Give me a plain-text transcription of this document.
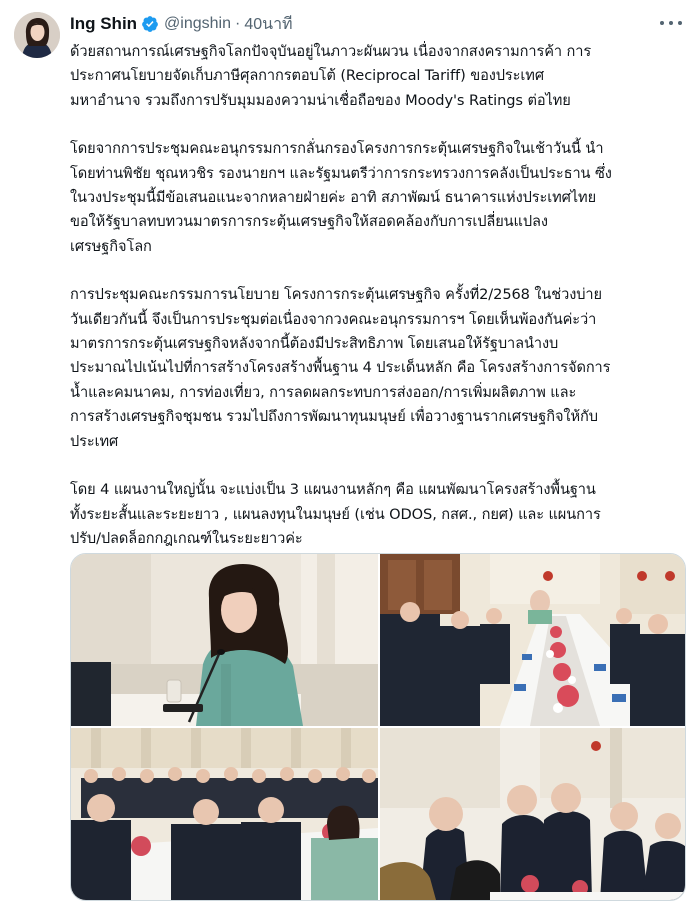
Ing Shin @ingshin · 40นาที
ด้วยสถานการณ์เศรษฐกิจโลกปัจจุบันอยู่ในภาวะผันผวน เนื่องจากสงครามการค้า การ
ประกาศนโยบายจัดเก็บภาษีศุลกากรตอบโต้ (Reciprocal Tariff) ของประเทศ
มหาอำนาจ รวมถึงการปรับมุมมองความน่าเชื่อถือของ Moody's Ratings ต่อไทย
โดยจากการประชุมคณะอนุกรรมการกลั่นกรองโครงการกระตุ้นเศรษฐกิจในเช้าวันนี้ นำ
โดยท่านพิชัย ชุณหวชิร รองนายกฯ และรัฐมนตรีว่าการกระทรวงการคลังเป็นประธาน ซึ่ง
ในวงประชุมนี้มีข้อเสนอแนะจากหลายฝ่ายค่ะ อาทิ สภาพัฒน์ ธนาคารแห่งประเทศไทย
ขอให้รัฐบาลทบทวนมาตรการกระตุ้นเศรษฐกิจให้สอดคล้องกับการเปลี่ยนแปลง
เศรษฐกิจโลก
การประชุมคณะกรรมการนโยบาย โครงการกระตุ้นเศรษฐกิจ ครั้งที่2/2568 ในช่วงบ่าย
วันเดียวกันนี้ จึงเป็นการประชุมต่อเนื่องจากวงคณะอนุกรรมการฯ โดยเห็นพ้องกันค่ะว่า
มาตรการกระตุ้นเศรษฐกิจหลังจากนี้ต้องมีประสิทธิภาพ โดยเสนอให้รัฐบาลนำงบ
ประมาณไปเน้นไปที่การสร้างโครงสร้างพื้นฐาน 4 ประเด็นหลัก คือ โครงสร้างการจัดการ
น้ำและคมนาคม, การท่องเที่ยว, การลดผลกระทบการส่งออก/การเพิ่มผลิตภาพ และ
การสร้างเศรษฐกิจชุมชน รวมไปถึงการพัฒนาทุนมนุษย์ เพื่อวางฐานรากเศรษฐกิจให้กับ
ประเทศ
โดย 4 แผนงานใหญ่นั้น จะแบ่งเป็น 3 แผนงานหลักๆ คือ แผนพัฒนาโครงสร้างพื้นฐาน
ทั้งระยะสั้นและระยะยาว , แผนลงทุนในมนุษย์ (เช่น ODOS, กสศ., กยศ) และ แผนการ
ปรับ/ปลดล็อกกฎเกณฑ์ในระยะยาวค่ะ
